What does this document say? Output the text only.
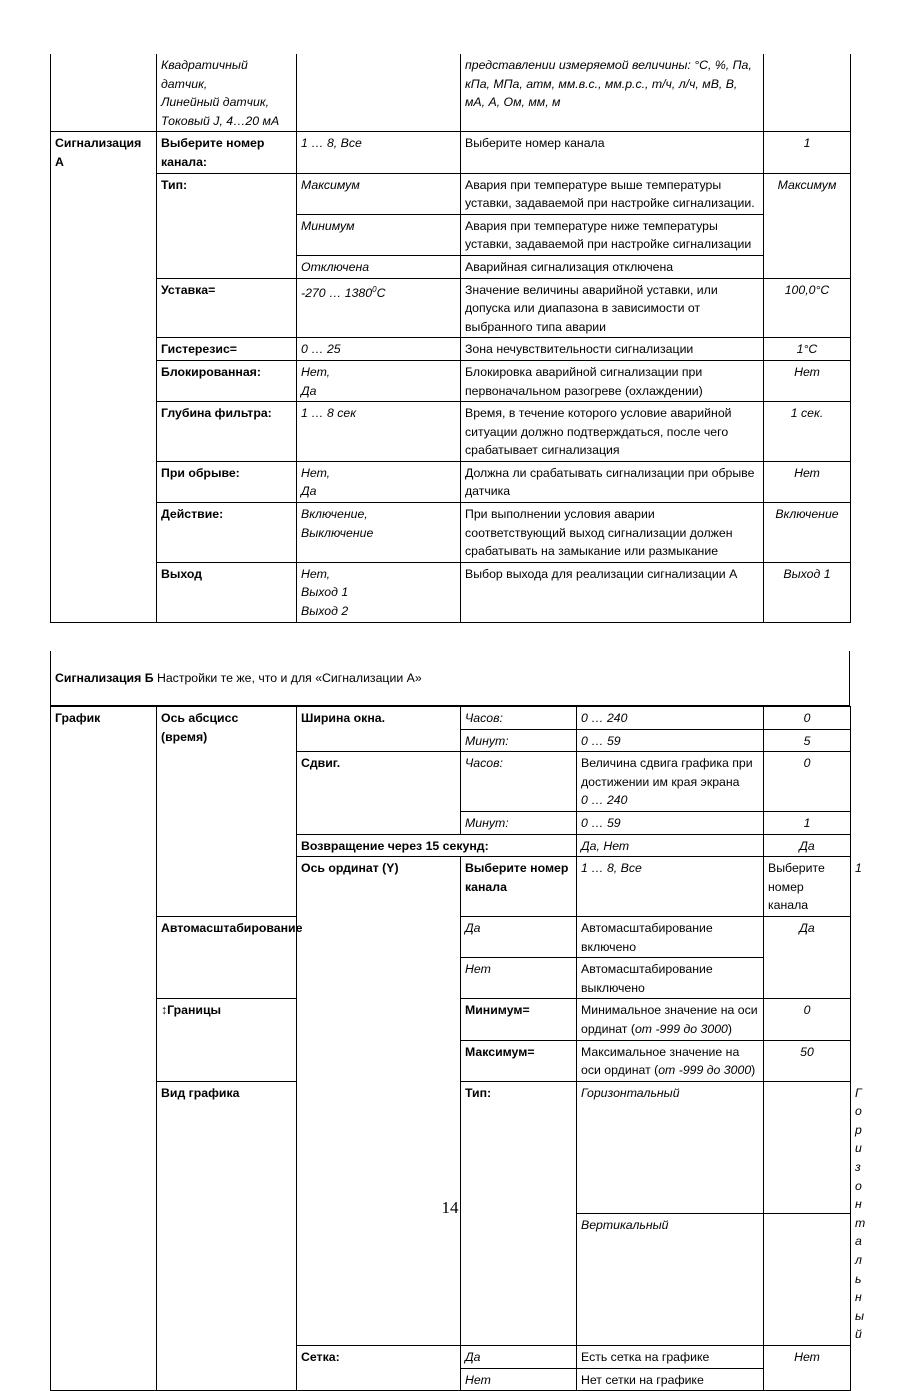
	Квадратичный
датчик,
Линейный датчик,
Токовый J, 4…20 мА		представлении измеряемой величины: °C, %, Па, кПа, МПа, атм, мм.в.с., мм.р.с., т/ч, л/ч, мВ, В, мА, А, Ом, мм, м	
Сигнализация
А	Выберите номер канала:	1 … 8, Все	Выберите номер канала	1
	Тип:	Максимум	Авария при температуре выше температуры уставки, задаваемой при настройке сигнализации.	Максимум
		Минимум	Авария при температуре ниже температуры уставки, задаваемой при настройке сигнализации	
		Отключена	Аварийная сигнализация отключена	
	Уставка=	-270 … 1380$^0$C	Значение величины аварийной уставки, или допуска или диапазона в зависимости от выбранного типа аварии	100,0°C
	Гистерезис=	0 … 25	Зона нечувствительности сигнализации	1°C
	Блокированная:	Нет,
Да	Блокировка аварийной сигнализации при первоначальном разогреве (охлаждении)	Нет
	Глубина фильтра:	1 … 8 сек	Время, в течение которого условие аварийной ситуации должно подтверждаться, после чего срабатывает сигнализация	1 сек.
	При обрыве:	Нет,
Да	Должна ли срабатывать сигнализации при обрыве датчика	Нет
	Действие:	Включение,
Выключение	При выполнении условия аварии соответствующий выход сигнализации должен срабатывать на замыкание или размыкание	Включение
	Выход	Нет,
Выход 1
Выход 2	Выбор выхода для реализации сигнализации А	Выход 1
Сигнализация Б Настройки те же, что и для «Сигнализации А»
График	Ось абсцисс
(время)	Ширина окна.	Часов:	0 … 240	0	
			Минут:	0 … 59	5	
		Сдвиг.	Часов:	Величина сдвига графика при достижении им края экрана
0 … 240	0	
			Минут:	0 … 59	1	
		Возвращение через 15 секунд:		Да, Нет	Да	
		Ось ординат (Y)	Выберите номер канала	1 … 8, Все	Выберите номер канала	1
	Автомасштабирование		Да	Автомасштабирование включено	Да	
			Нет	Автомасштабирование выключено		
	↕Границы		Минимум=	Минимальное значение на оси ординат (от -999 до 3000)	0	
			Максимум=	Максимальное значение на оси ординат (от -999 до 3000)	50	
	Вид графика		Тип:	Горизонтальный		Горизонтальный
				Вертикальный		
		Сетка:	Да	Есть сетка на графике	Нет	
			Нет	Нет сетки на графике		
14
